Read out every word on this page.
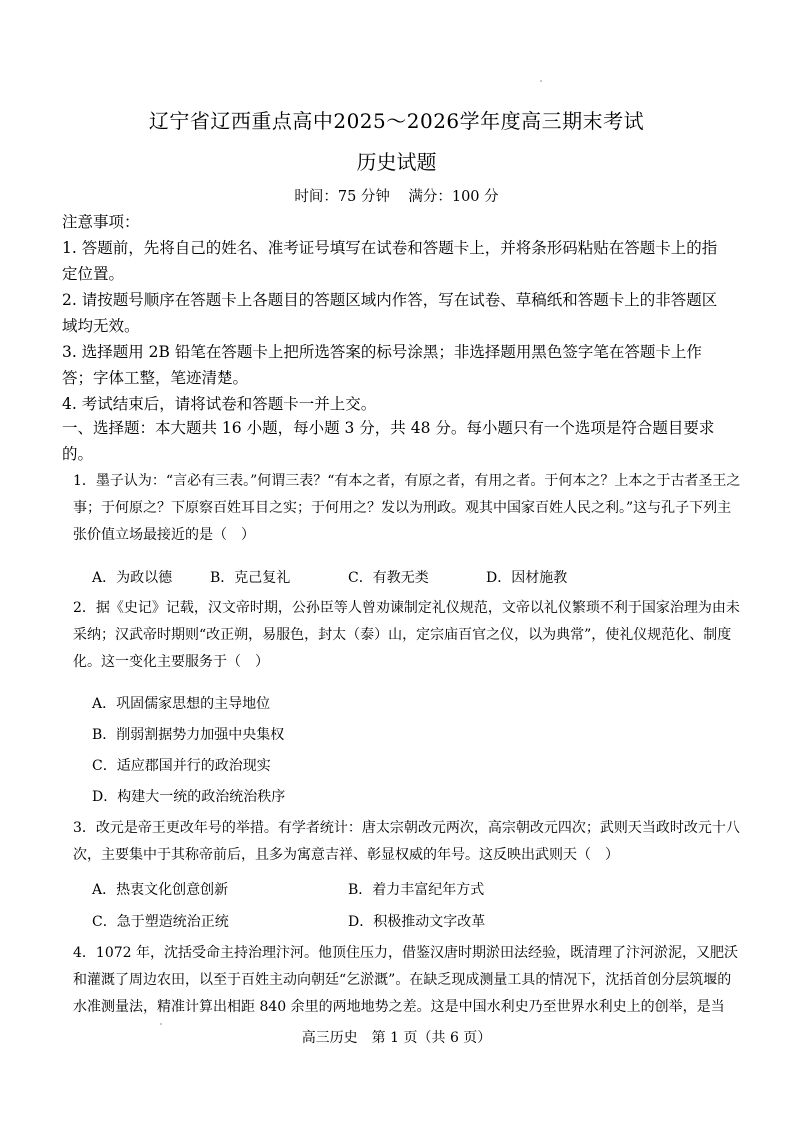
辽宁省辽西重点高中2025～2026学年度高三期末考试
历史试题
时间：75 分钟    满分：100 分

注意事项：

1. 答题前，先将自己的姓名、准考证号填写在试卷和答题卡上，并将条形码粘贴在答题卡上的指定位置。

2. 请按题号顺序在答题卡上各题目的答题区域内作答，写在试卷、草稿纸和答题卡上的非答题区域均无效。

3. 选择题用 2B 铅笔在答题卡上把所选答案的标号涂黑；非选择题用黑色签字笔在答题卡上作答；字体工整，笔迹清楚。

4. 考试结束后，请将试卷和答题卡一并上交。

一、选择题：本大题共 16 小题，每小题 3 分，共 48 分。每小题只有一个选项是符合题目要求的。

1．墨子认为：“言必有三表。”何谓三表？“有本之者，有原之者，有用之者。于何本之？上本之于古者圣王之事；于何原之？下原察百姓耳目之实；于何用之？发以为刑政。观其中国家百姓人民之利。”这与孔子下列主张价值立场最接近的是（　）

A．为政以德	B．克己复礼	C．有教无类	D．因材施教

2．据《史记》记载，汉文帝时期，公孙臣等人曾劝谏制定礼仪规范，文帝以礼仪繁琐不利于国家治理为由未采纳；汉武帝时期则“改正朔，易服色，封太（泰）山，定宗庙百官之仪，以为典常”，使礼仪规范化、制度化。这一变化主要服务于（　）

A．巩固儒家思想的主导地位
B．削弱割据势力加强中央集权
C．适应郡国并行的政治现实
D．构建大一统的政治统治秩序

3．改元是帝王更改年号的举措。有学者统计：唐太宗朝改元两次，高宗朝改元四次；武则天当政时改元十八次，主要集中于其称帝前后，且多为寓意吉祥、彰显权威的年号。这反映出武则天（　）

A．热衷文化创意创新	B．着力丰富纪年方式
C．急于塑造统治正统	D．积极推动文字改革

4．1072 年，沈括受命主持治理汴河。他顶住压力，借鉴汉唐时期淤田法经验，既清理了汴河淤泥，又肥沃和灌溉了周边农田，以至于百姓主动向朝廷“乞淤溉”。在缺乏现成测量工具的情况下，沈括首创分层筑堰的水准测量法，精准计算出相距 840 余里的两地地势之差。这是中国水利史乃至世界水利史上的创举，是当

高三历史　第 1 页（共 6 页）
